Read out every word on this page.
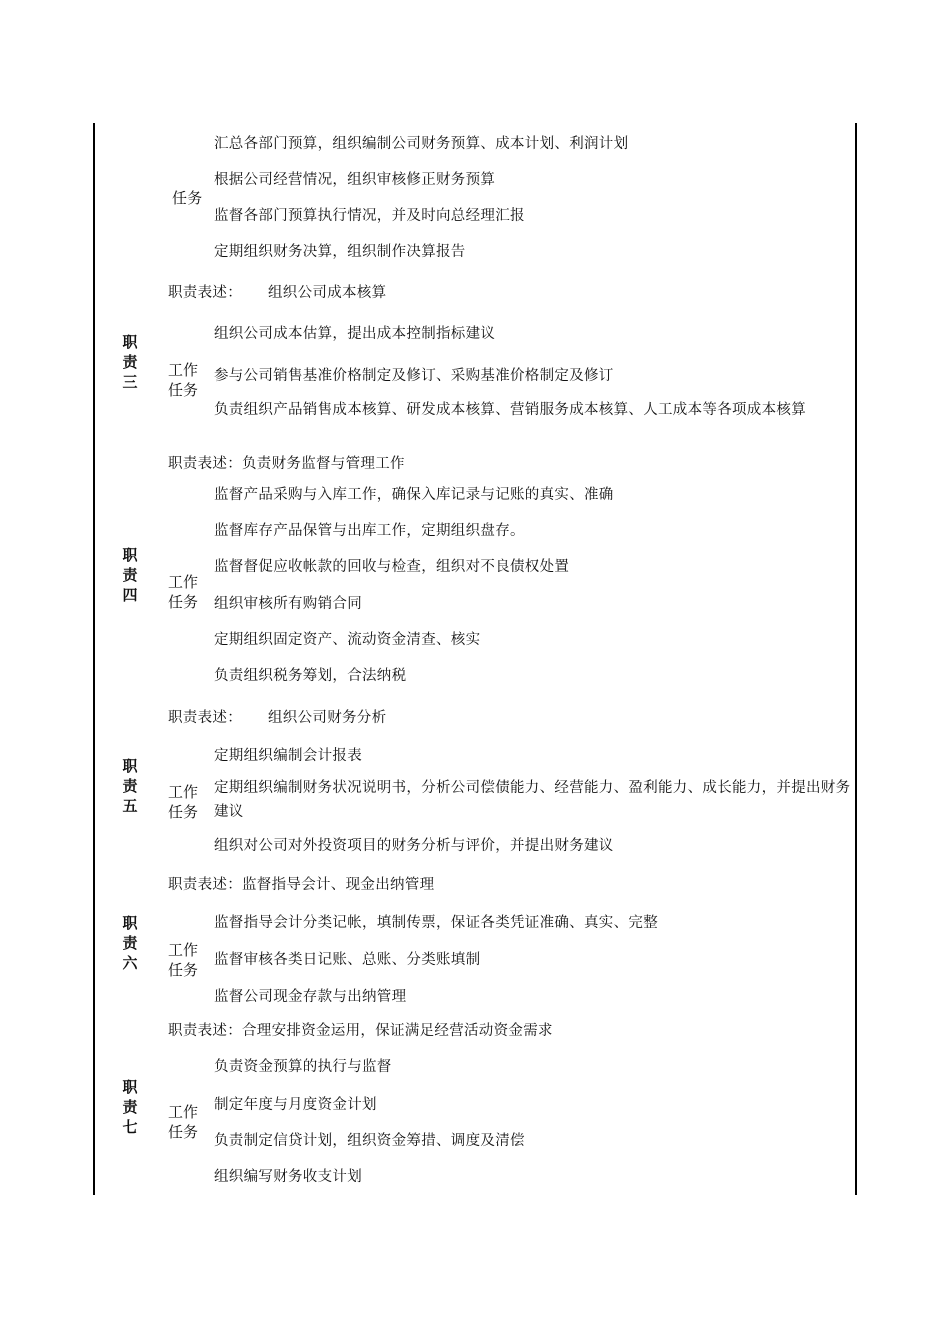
汇总各部门预算，组织编制公司财务预算、成本计划、利润计划
根据公司经营情况，组织审核修正财务预算
任务
监督各部门预算执行情况，并及时向总经理汇报
定期组织财务决算，组织制作决算报告
职责表述： 组织公司成本核算
职
责
三
组织公司成本估算，提出成本控制指标建议
工作
任务
参与公司销售基准价格制定及修订、采购基准价格制定及修订
负责组织产品销售成本核算、研发成本核算、营销服务成本核算、人工成本等各项成本核算
职责表述：负责财务监督与管理工作
监督产品采购与入库工作，确保入库记录与记账的真实、准确
监督库存产品保管与出库工作，定期组织盘存。
职
责
四
监督督促应收帐款的回收与检查，组织对不良债权处置
工作
任务	组织审核所有购销合同
定期组织固定资产、流动资金清查、核实
负责组织税务筹划，合法纳税
职责表述： 组织公司财务分析
定期组织编制会计报表
职
责
五
工作
任务
定期组织编制财务状况说明书，分析公司偿债能力、经营能力、盈利能力、成长能力，并提出财务建议
组织对公司对外投资项目的财务分析与评价，并提出财务建议
职责表述：监督指导会计、现金出纳管理
监督指导会计分类记帐，填制传票，保证各类凭证准确、真实、完整
职
责
六
工作
任务
监督审核各类日记账、总账、分类账填制
监督公司现金存款与出纳管理
职责表述：合理安排资金运用，保证满足经营活动资金需求
负责资金预算的执行与监督
职
责
七
制定年度与月度资金计划
工作
任务	负责制定信贷计划，组织资金筹措、调度及清偿
组织编写财务收支计划
